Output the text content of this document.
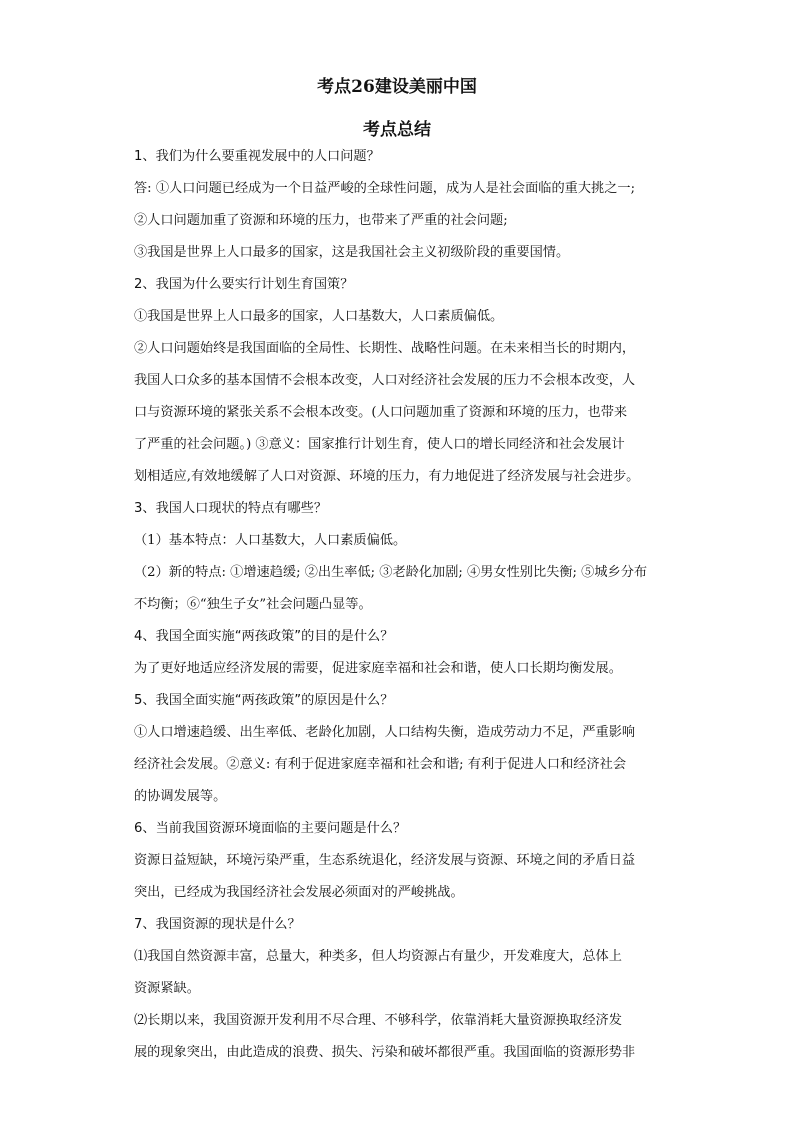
考点26建设美丽中国
考点总结
1、我们为什么要重视发展中的人口问题？
答: ①人口问题已经成为一个日益严峻的全球性问题，成为人是社会面临的重大挑之一;
②人口问题加重了资源和环境的压力，也带来了严重的社会问题;
③我国是世界上人口最多的国家，这是我国社会主义初级阶段的重要国情。
2、我国为什么要实行计划生育国策？
①我国是世界上人口最多的国家，人口基数大，人口素质偏低。
②人口问题始终是我国面临的全局性、长期性、战略性问题。在未来相当长的时期内，
我国人口众多的基本国情不会根本改变，人口对经济社会发展的压力不会根本改变，人
口与资源环境的紧张关系不会根本改变。(人口问题加重了资源和环境的压力，也带来
了严重的社会问题。) ③意义：国家推行计划生育，使人口的增长同经济和社会发展计
划相适应,有效地缓解了人口对资源、环境的压力，有力地促进了经济发展与社会进步。
3、我国人口现状的特点有哪些？
（1）基本特点：人口基数大，人口素质偏低。
（2）新的特点: ①增速趋缓; ②出生率低; ③老龄化加剧; ④男女性别比失衡; ⑤城乡分布
不均衡；⑥“独生子女”社会问题凸显等。
4、我国全面实施“两孩政策”的目的是什么？
为了更好地适应经济发展的需要，促进家庭幸福和社会和谐，使人口长期均衡发展。
5、我国全面实施“两孩政策”的原因是什么？
①人口增速趋缓、出生率低、老龄化加剧，人口结构失衡，造成劳动力不足，严重影响
经济社会发展。②意义: 有利于促进家庭幸福和社会和谐; 有利于促进人口和经济社会
的协调发展等。
6、当前我国资源环境面临的主要问题是什么？
资源日益短缺，环境污染严重，生态系统退化，经济发展与资源、环境之间的矛盾日益
突出，已经成为我国经济社会发展必须面对的严峻挑战。
7、我国资源的现状是什么？
⑴我国自然资源丰富，总量大，种类多，但人均资源占有量少，开发难度大，总体上
资源紧缺。
⑵长期以来，我国资源开发利用不尽合理、不够科学，依靠消耗大量资源换取经济发
展的现象突出，由此造成的浪费、损失、污染和破坏都很严重。我国面临的资源形势非
